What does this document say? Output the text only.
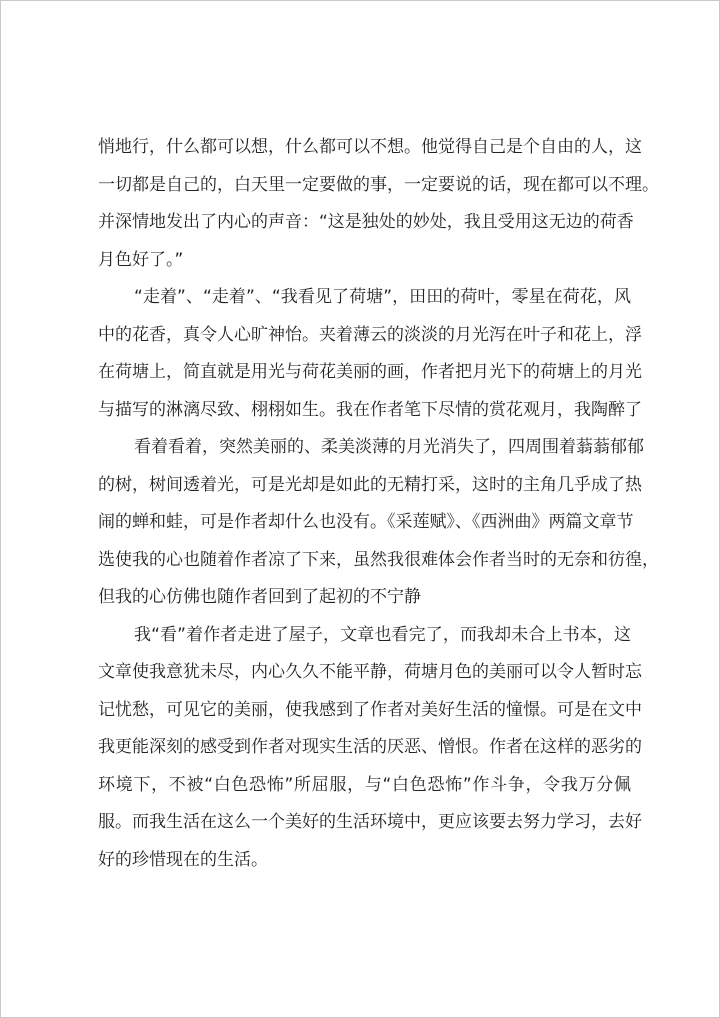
悄地行，什么都可以想，什么都可以不想。他觉得自己是个自由的人，这
一切都是自己的，白天里一定要做的事，一定要说的话，现在都可以不理。
并深情地发出了内心的声音：“这是独处的妙处，我且受用这无边的荷香
月色好了。”
“走着”、“走着”、“我看见了荷塘”，田田的荷叶，零星在荷花，风
中的花香，真令人心旷神怡。夹着薄云的淡淡的月光泻在叶子和花上，浮
在荷塘上，简直就是用光与荷花美丽的画，作者把月光下的荷塘上的月光
与描写的淋漓尽致、栩栩如生。我在作者笔下尽情的赏花观月，我陶醉了
看着看着，突然美丽的、柔美淡薄的月光消失了，四周围着蓊蓊郁郁
的树，树间透着光，可是光却是如此的无精打采，这时的主角几乎成了热
闹的蝉和蛙，可是作者却什么也没有。《采莲赋》、《西洲曲》两篇文章节
选使我的心也随着作者凉了下来，虽然我很难体会作者当时的无奈和彷徨，
但我的心仿佛也随作者回到了起初的不宁静
我“看”着作者走进了屋子，文章也看完了，而我却未合上书本，这
文章使我意犹未尽，内心久久不能平静，荷塘月色的美丽可以令人暂时忘
记忧愁，可见它的美丽，使我感到了作者对美好生活的憧憬。可是在文中
我更能深刻的感受到作者对现实生活的厌恶、憎恨。作者在这样的恶劣的
环境下，不被“白色恐怖”所屈服，与“白色恐怖”作斗争，令我万分佩
服。而我生活在这么一个美好的生活环境中，更应该要去努力学习，去好
好的珍惜现在的生活。
